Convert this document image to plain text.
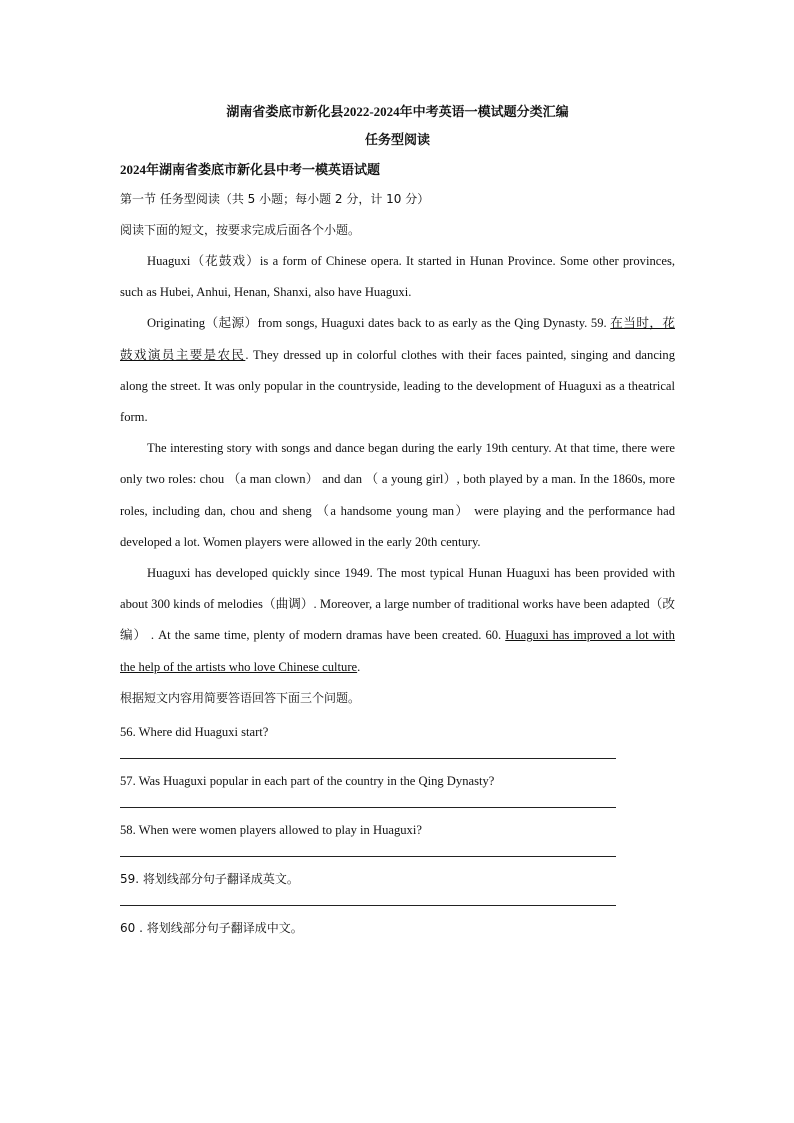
湖南省娄底市新化县2022-2024年中考英语一模试题分类汇编
任务型阅读
2024年湖南省娄底市新化县中考一模英语试题
第一节 任务型阅读（共 5 小题；每小题 2 分，计 10 分）
阅读下面的短文，按要求完成后面各个小题。
Huaguxi（花鼓戏）is a form of Chinese opera. It started in Hunan Province. Some other provinces, such as Hubei, Anhui, Henan, Shanxi, also have Huaguxi.
Originating（起源）from songs, Huaguxi dates back to as early as the Qing Dynasty. 59. 在当时，花鼓戏演员主要是农民. They dressed up in colorful clothes with their faces painted, singing and dancing along the street. It was only popular in the countryside, leading to the development of Huaguxi as a theatrical form.
The interesting story with songs and dance began during the early 19th century. At that time, there were only two roles: chou （a man clown） and dan （ a young girl）, both played by a man. In the 1860s, more roles, including dan, chou and sheng （a handsome young man） were playing and the performance had developed a lot. Women players were allowed in the early 20th century.
Huaguxi has developed quickly since 1949. The most typical Hunan Huaguxi has been provided with about 300 kinds of melodies（曲调）. Moreover, a large number of traditional works have been adapted（改编） . At the same time, plenty of modern dramas have been created. 60. Huaguxi has improved a lot with the help of the artists who love Chinese culture.
根据短文内容用简要答语回答下面三个问题。
56. Where did Huaguxi start?
57. Was Huaguxi popular in each part of the country in the Qing Dynasty?
58. When were women players allowed to play in Huaguxi?
59. 将划线部分句子翻译成英文。
60 . 将划线部分句子翻译成中文。
